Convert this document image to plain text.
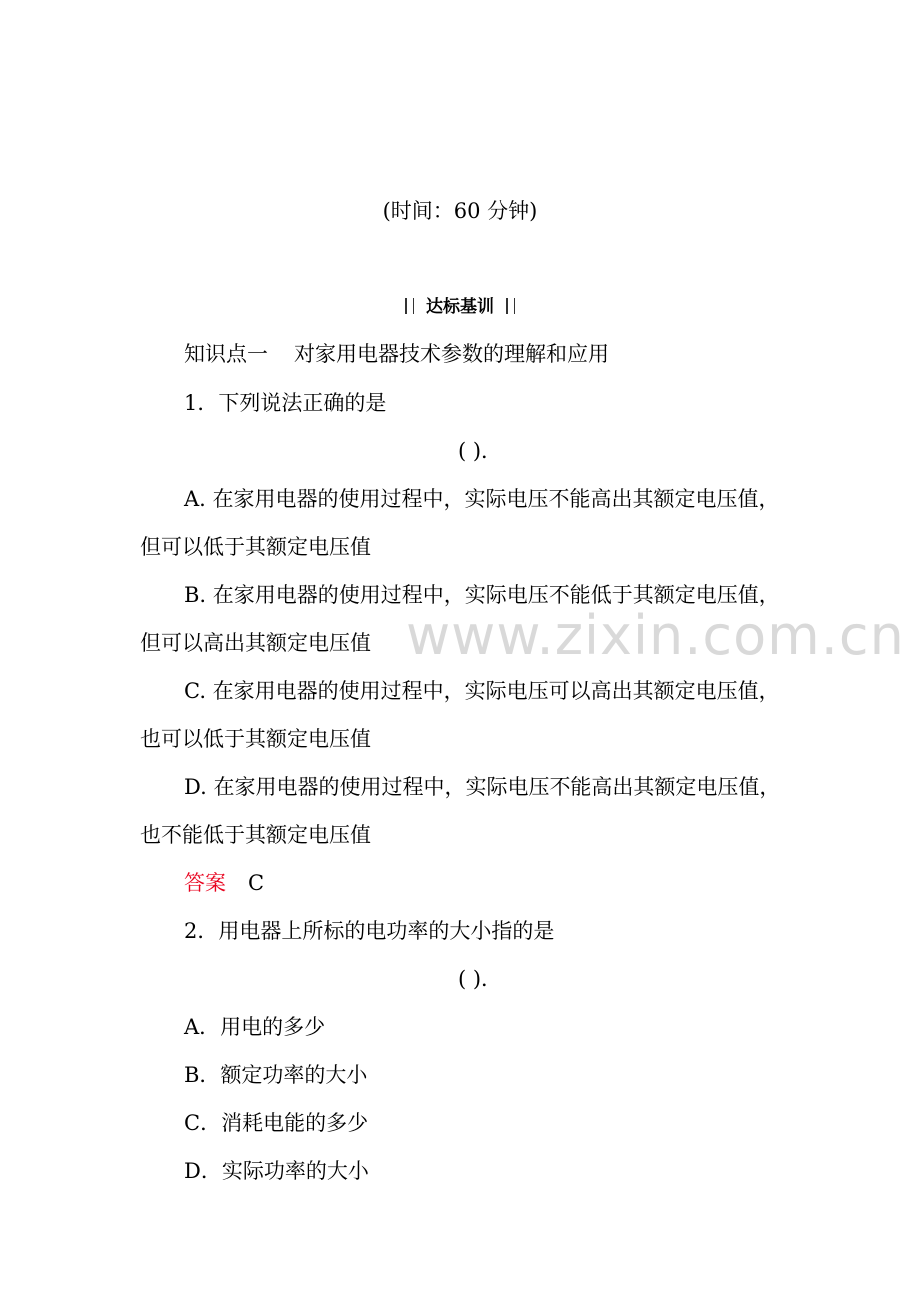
(时间：60 分钟)
达标基训
知识点一 对家用电器技术参数的理解和应用
1．下列说法正确的是
( )．
A. 在家用电器的使用过程中，实际电压不能高出其额定电压值，
但可以低于其额定电压值
B. 在家用电器的使用过程中，实际电压不能低于其额定电压值，
但可以高出其额定电压值
C. 在家用电器的使用过程中，实际电压可以高出其额定电压值，
也可以低于其额定电压值
D. 在家用电器的使用过程中，实际电压不能高出其额定电压值，
也不能低于其额定电压值
答案 C
2．用电器上所标的电功率的大小指的是
( )．
A．用电的多少
B．额定功率的大小
C．消耗电能的多少
D．实际功率的大小
www.zixin.com.cn
